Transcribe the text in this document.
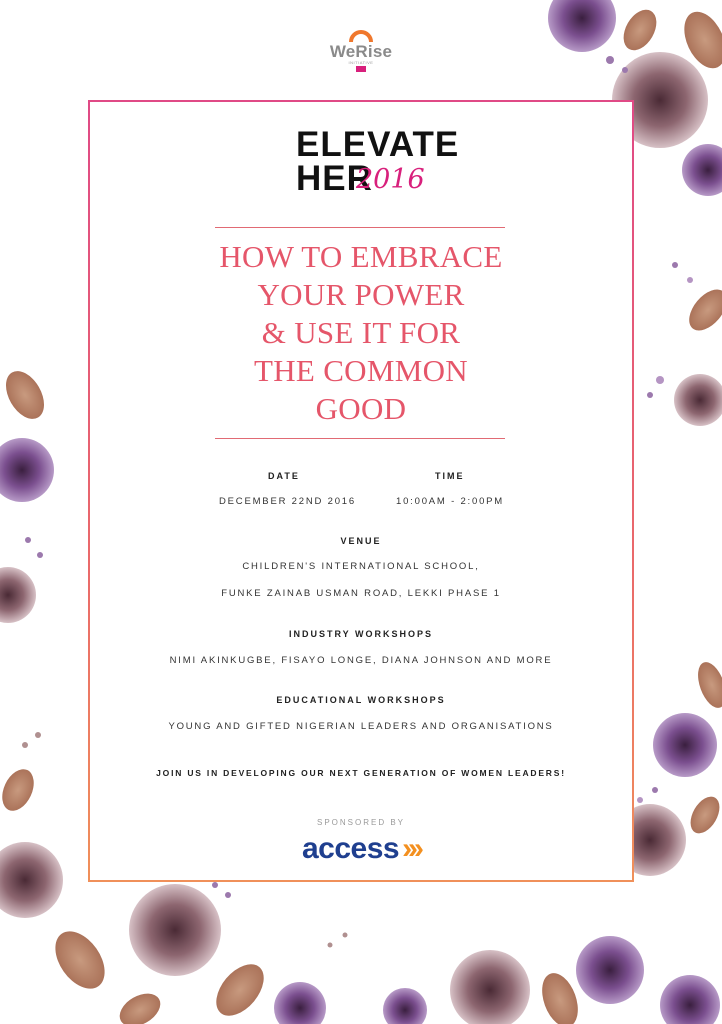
WeRise
INITIATIVE
ELEVATE
HER
2016
HOW TO EMBRACE
YOUR POWER
& USE IT FOR
THE COMMON
GOOD
DATE
DECEMBER 22ND 2016
TIME
10:00AM - 2:00PM
VENUE
CHILDREN'S INTERNATIONAL SCHOOL,
FUNKE ZAINAB USMAN ROAD, LEKKI PHASE 1
INDUSTRY WORKSHOPS
NIMI AKINKUGBE, FISAYO LONGE, DIANA JOHNSON AND MORE
EDUCATIONAL WORKSHOPS
YOUNG AND GIFTED NIGERIAN LEADERS AND ORGANISATIONS
JOIN US IN DEVELOPING OUR NEXT GENERATION OF WOMEN LEADERS!
SPONSORED BY
access ›››
